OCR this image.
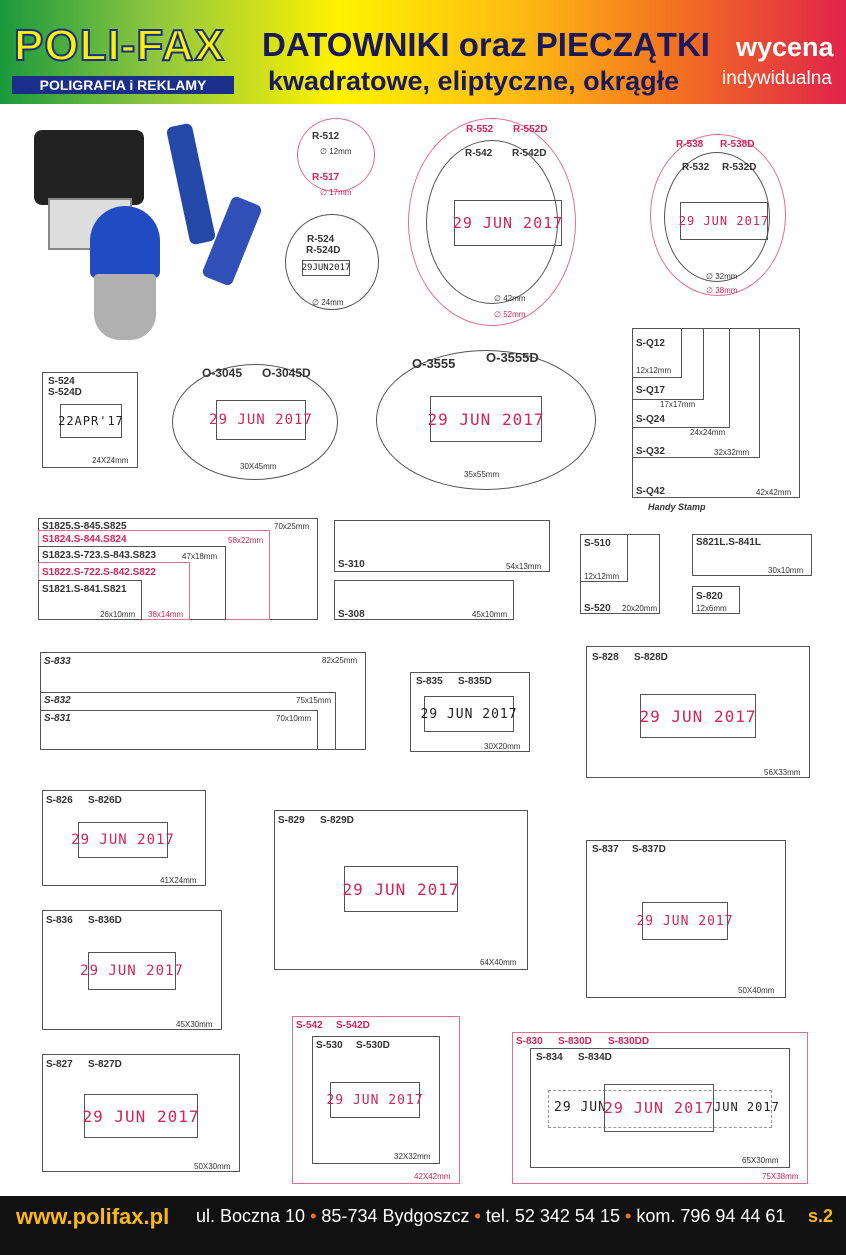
POLI-FAX
POLIGRAFIA i REKLAMY
DATOWNIKI oraz PIECZĄTKI
kwadratowe, eliptyczne, okrągłe
wycena
indywidualna
R-512
∅ 12mm
R-517
∅ 17mm
R-524
R-524D
29JUN2017
∅ 24mm
R-552 R-552D
R-542 R-542D
29 JUN 2017
∅ 42mm
∅ 52mm
R-538 R-538D
R-532 R-532D
29 JUN 2017
∅ 32mm
∅ 38mm
S-Q12
12x12mm
S-Q17
17x17mm
S-Q24
24x24mm
S-Q32	32x32mm
S-Q42	42x42mm
Handy Stamp
S-524
S-524D
22APR'17
24X24mm
O-3045 O-3045D
29 JUN 2017
30X45mm
O-3555 O-3555D
29 JUN 2017
35x55mm
S1825.S-845.S825	70x25mm
S1824.S-844.S824	58x22mm
S1823.S-723.S-843.S823	47x18mm
S1822.S-722.S-842.S822
S1821.S-841.S821
26x10mm 38x14mm
S-310	54x13mm
S-308	45x10mm
S-510
12x12mm
S-520 20x20mm
S821L.S-841L
30x10mm
S-820
12x6mm
S-833	82x25mm
S-832	75x15mm
S-831	70x10mm
S-835 S-835D
29 JUN 2017
30X20mm
S-828 S-828D
29 JUN 2017
56X33mm
S-826 S-826D
29 JUN 2017
41X24mm
S-829 S-829D
29 JUN 2017
64X40mm
S-837 S-837D
29 JUN 2017
50X40mm
S-836 S-836D
29 JUN 2017
45X30mm	S-542 S-542D
S-530 S-530D
29 JUN 2017
32X32mm
42X42mm
S-830 S-830D S-830DD
S-834 S-834D
29 JUN
29 JUN 2017 JUN 2017
65X30mm
75X38mm
S-827 S-827D
29 JUN 2017
50X30mm
www.polifax.pl ul. Boczna 10 • 85-734 Bydgoszcz • tel. 52 342 54 15 • kom. 796 94 44 61 s.2
